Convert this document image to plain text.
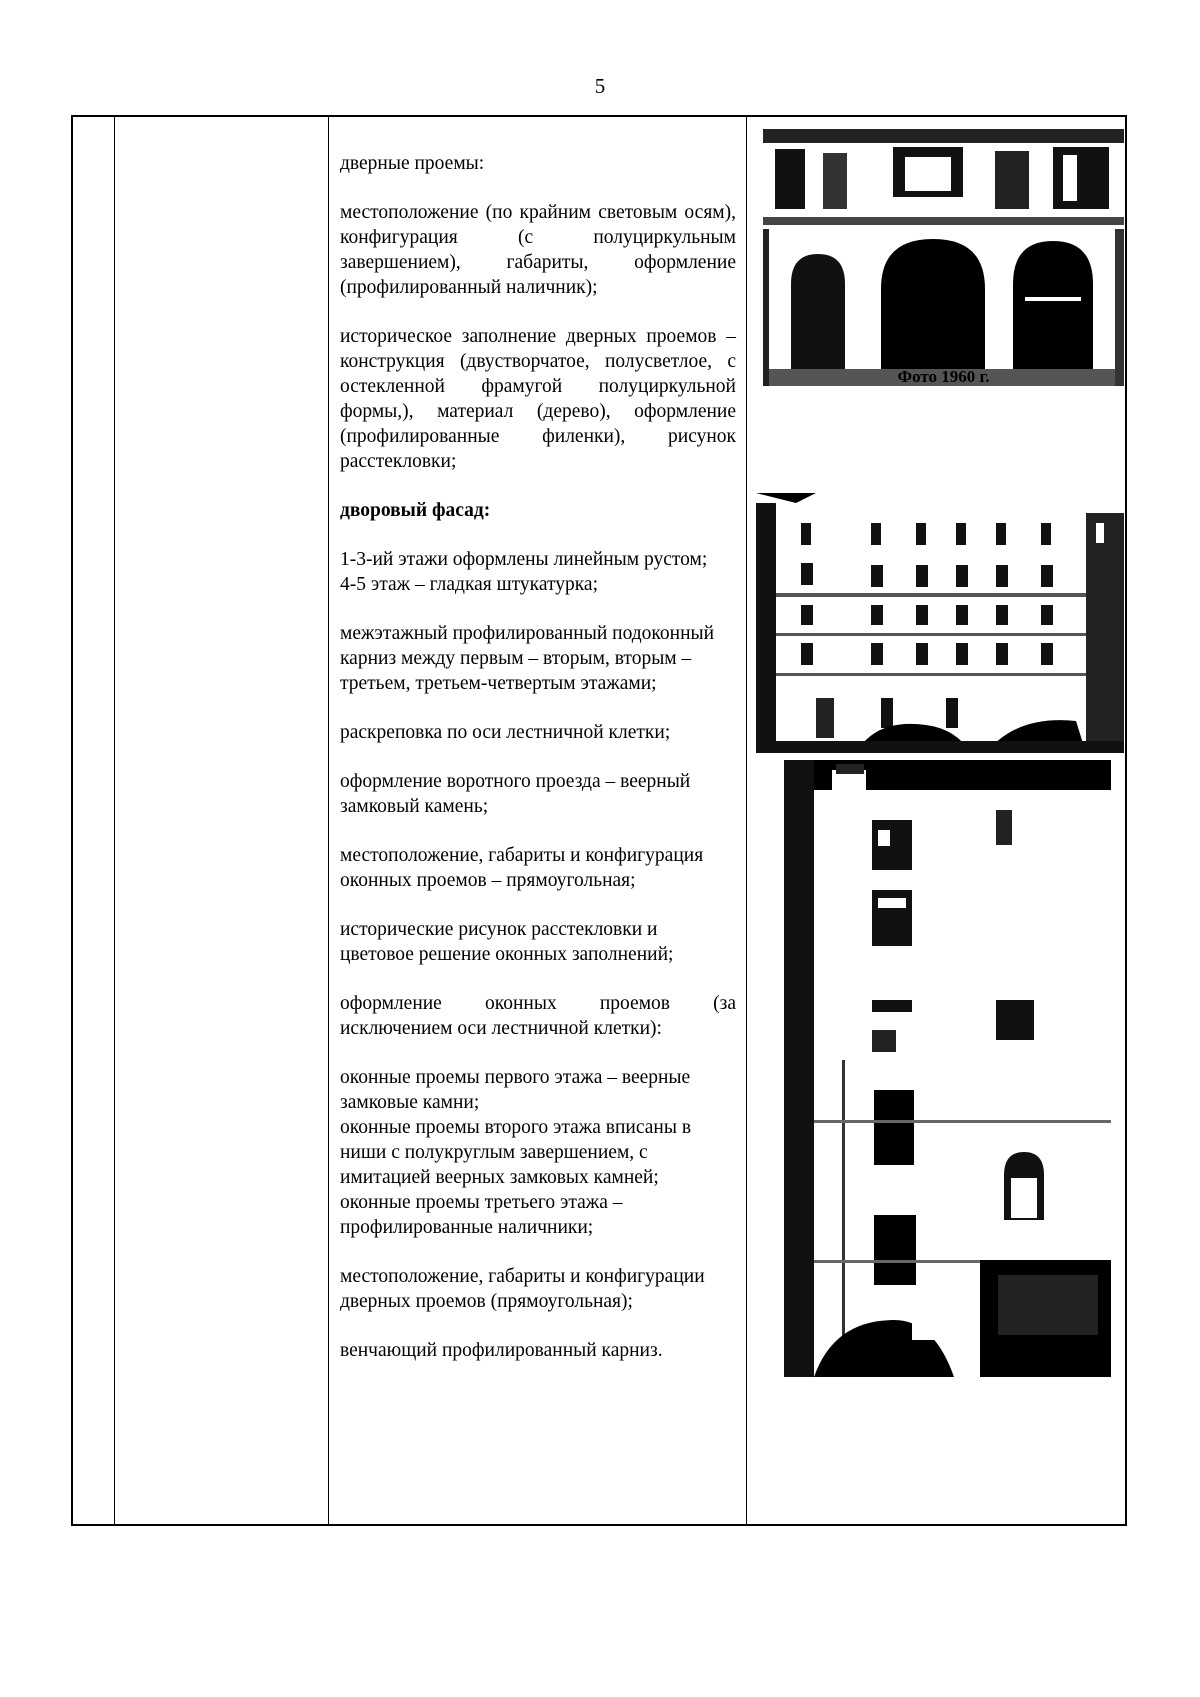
5

дверные проемы:

местоположение (по крайним световым осям), конфигурация (с полуциркульным завершением), габариты, оформление (профилированный наличник);

историческое заполнение дверных проемов – конструкция (двустворчатое, полусветлое, с остекленной фрамугой полуциркульной формы,), материал (дерево), оформление (профилированные филенки), рисунок расстекловки;

дворовый фасад:

1-3-ий этажи оформлены линейным рустом;

4-5 этаж – гладкая штукатурка;

межэтажный профилированный подоконный карниз между первым – вторым, вторым – третьем, третьем-четвертым этажами;

раскреповка по оси лестничной клетки;

оформление воротного проезда – веерный замковый камень;

местоположение, габариты и конфигурация оконных проемов – прямоугольная;

исторические рисунок расстекловки и цветовое решение оконных заполнений;

оформление оконных проемов (за исключением оси лестничной клетки):

оконные проемы первого этажа – веерные замковые камни;

оконные проемы второго этажа вписаны в ниши с полукруглым завершением, с имитацией веерных замковых камней;

оконные проемы третьего этажа – профилированные наличники;

местоположение, габариты и конфигурации дверных проемов (прямоугольная);

венчающий профилированный карниз.

Фото 1960 г.
